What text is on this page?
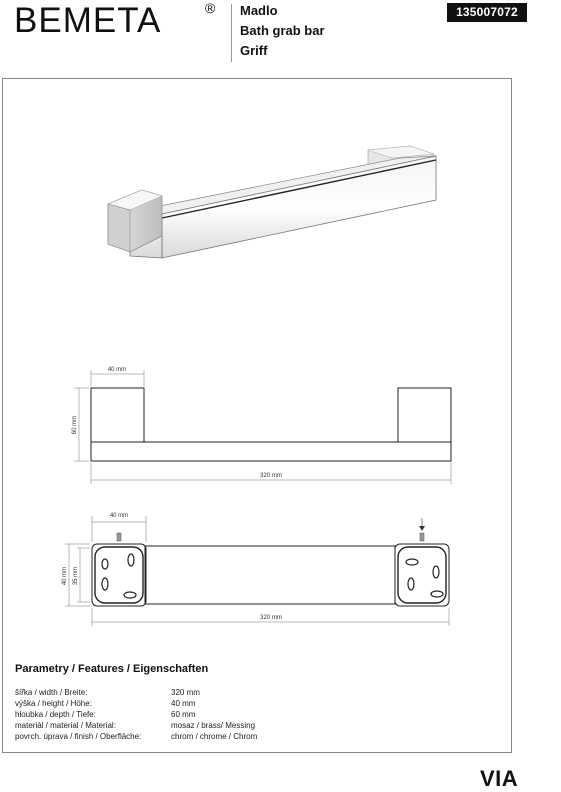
BEMETA	® Madlo
Bath grab bar
Griff
135007072
40 mm
60 mm
320 mm
40 mm
40 mm 35 mm
320 mm
Parametry / Features / Eigenschaften
šířka / width / Breite:	320 mm
výška / height / Höhe:	40 mm
hloubka / depth / Tiefe:	60 mm
materiál / material / Material:	mosaz / brass/ Messing
povrch. úprava / finish / Oberfläche:	chrom / chrome / Chrom
VIA
